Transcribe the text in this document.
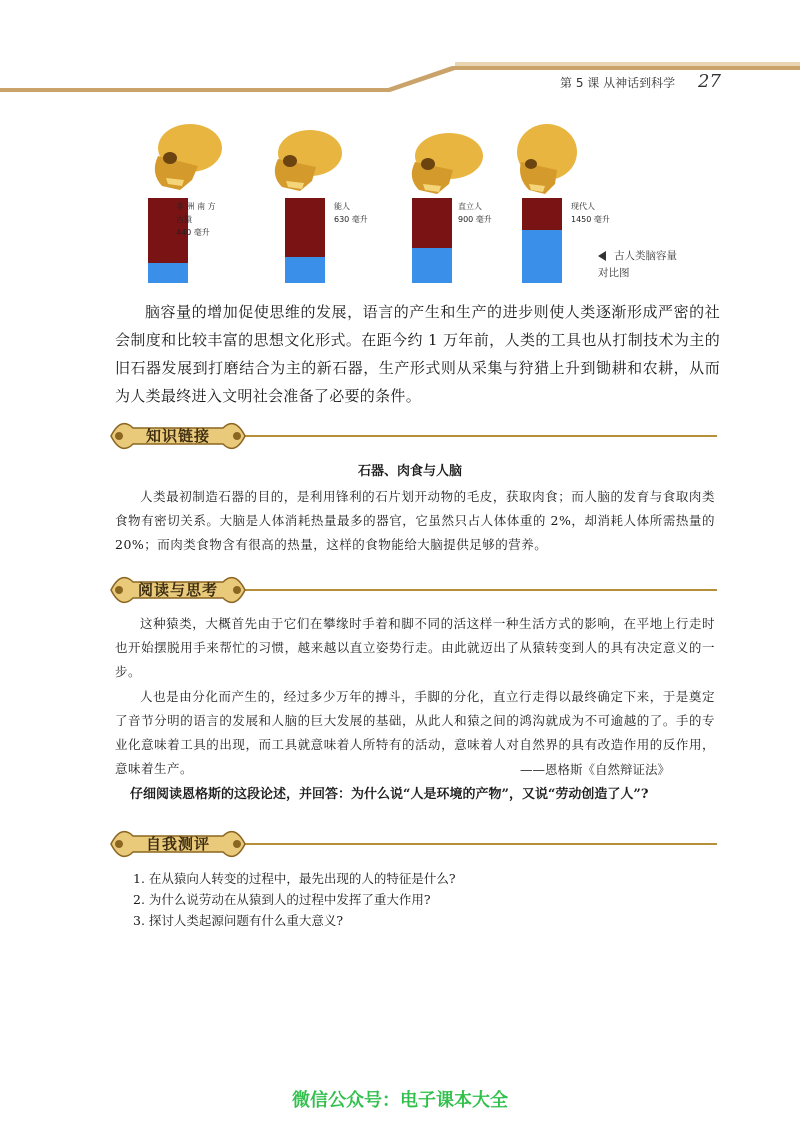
第 5 课 从神话到科学 27
非 洲 南 方
古猿
440 毫升
能人
630 毫升
直立人
900 毫升
现代人
1450 毫升
古人类脑容量
对比图
脑容量的增加促使思维的发展，语言的产生和生产的进步则使人类逐渐形成严密的社会制度和比较丰富的思想文化形式。在距今约 1 万年前，人类的工具也从打制技术为主的旧石器发展到打磨结合为主的新石器，生产形式则从采集与狩猎上升到锄耕和农耕，从而为人类最终进入文明社会准备了必要的条件。
知识链接
石器、肉食与人脑
人类最初制造石器的目的，是利用锋利的石片划开动物的毛皮，获取肉食；而人脑的发育与食取肉类食物有密切关系。大脑是人体消耗热量最多的器官，它虽然只占人体体重的 2%，却消耗人体所需热量的 20%；而肉类食物含有很高的热量，这样的食物能给大脑提供足够的营养。
阅读与思考
这种猿类，大概首先由于它们在攀缘时手着和脚不同的活这样一种生活方式的影响，在平地上行走时也开始摆脱用手来帮忙的习惯，越来越以直立姿势行走。由此就迈出了从猿转变到人的具有决定意义的一步。
人也是由分化而产生的，经过多少万年的搏斗，手脚的分化，直立行走得以最终确定下来，于是奠定了音节分明的语言的发展和人脑的巨大发展的基础，从此人和猿之间的鸿沟就成为不可逾越的了。手的专业化意味着工具的出现，而工具就意味着人所特有的活动，意味着人对自然界的具有改造作用的反作用，意味着生产。	——恩格斯《自然辩证法》
仔细阅读恩格斯的这段论述，并回答：为什么说“人是环境的产物”，又说“劳动创造了人”?
自我测评
1. 在从猿向人转变的过程中，最先出现的人的特征是什么?
2. 为什么说劳动在从猿到人的过程中发挥了重大作用?
3. 探讨人类起源问题有什么重大意义?
微信公众号：电子课本大全
